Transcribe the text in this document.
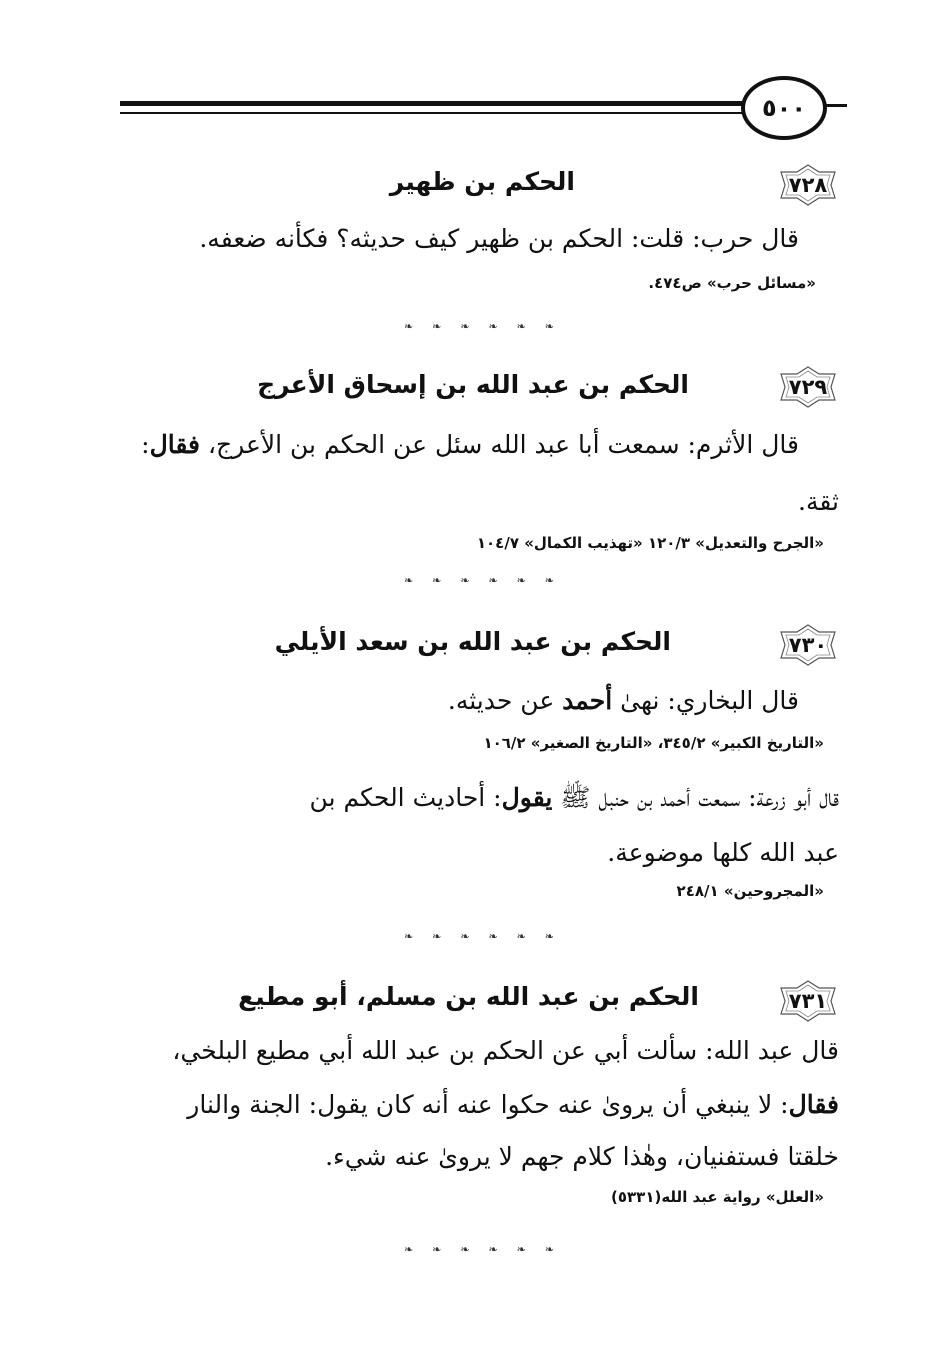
٥٠٠
٧٢٨
الحكم بن ظهير
قال حرب: قلت: الحكم بن ظهير كيف حديثه؟ فكأنه ضعفه.
«مسائل حرب» ص٤٧٤.
❧ ❧ ❧ ❧ ❧ ❧
٧٢٩
الحكم بن عبد الله بن إسحاق الأعرج
قال الأثرم: سمعت أبا عبد الله سئل عن الحكم بن الأعرج، فقال:
ثقة.
«الجرح والتعديل» ١٢٠/٣ «تهذيب الكمال» ١٠٤/٧
❧ ❧ ❧ ❧ ❧ ❧
٧٣٠
الحكم بن عبد الله بن سعد الأيلي
قال البخاري: نهىٰ أحمد عن حديثه.
«التاريخ الكبير» ٣٤٥/٢، «التاريخ الصغير» ١٠٦/٢
قال أبو زرعة: سمعت أحمد بن حنبل ﷺ يقول: أحاديث الحكم بن
عبد الله كلها موضوعة.
«المجروحين» ٢٤٨/١
❧ ❧ ❧ ❧ ❧ ❧
٧٣١
الحكم بن عبد الله بن مسلم، أبو مطيع
قال عبد الله: سألت أبي عن الحكم بن عبد الله أبي مطيع البلخي،
فقال: لا ينبغي أن يروىٰ عنه حكوا عنه أنه كان يقول: الجنة والنار
خلقتا فستفنيان، وهٰذا كلام جهم لا يروىٰ عنه شيء.
«العلل» رواية عبد الله(٥٣٣١)
❧ ❧ ❧ ❧ ❧ ❧
